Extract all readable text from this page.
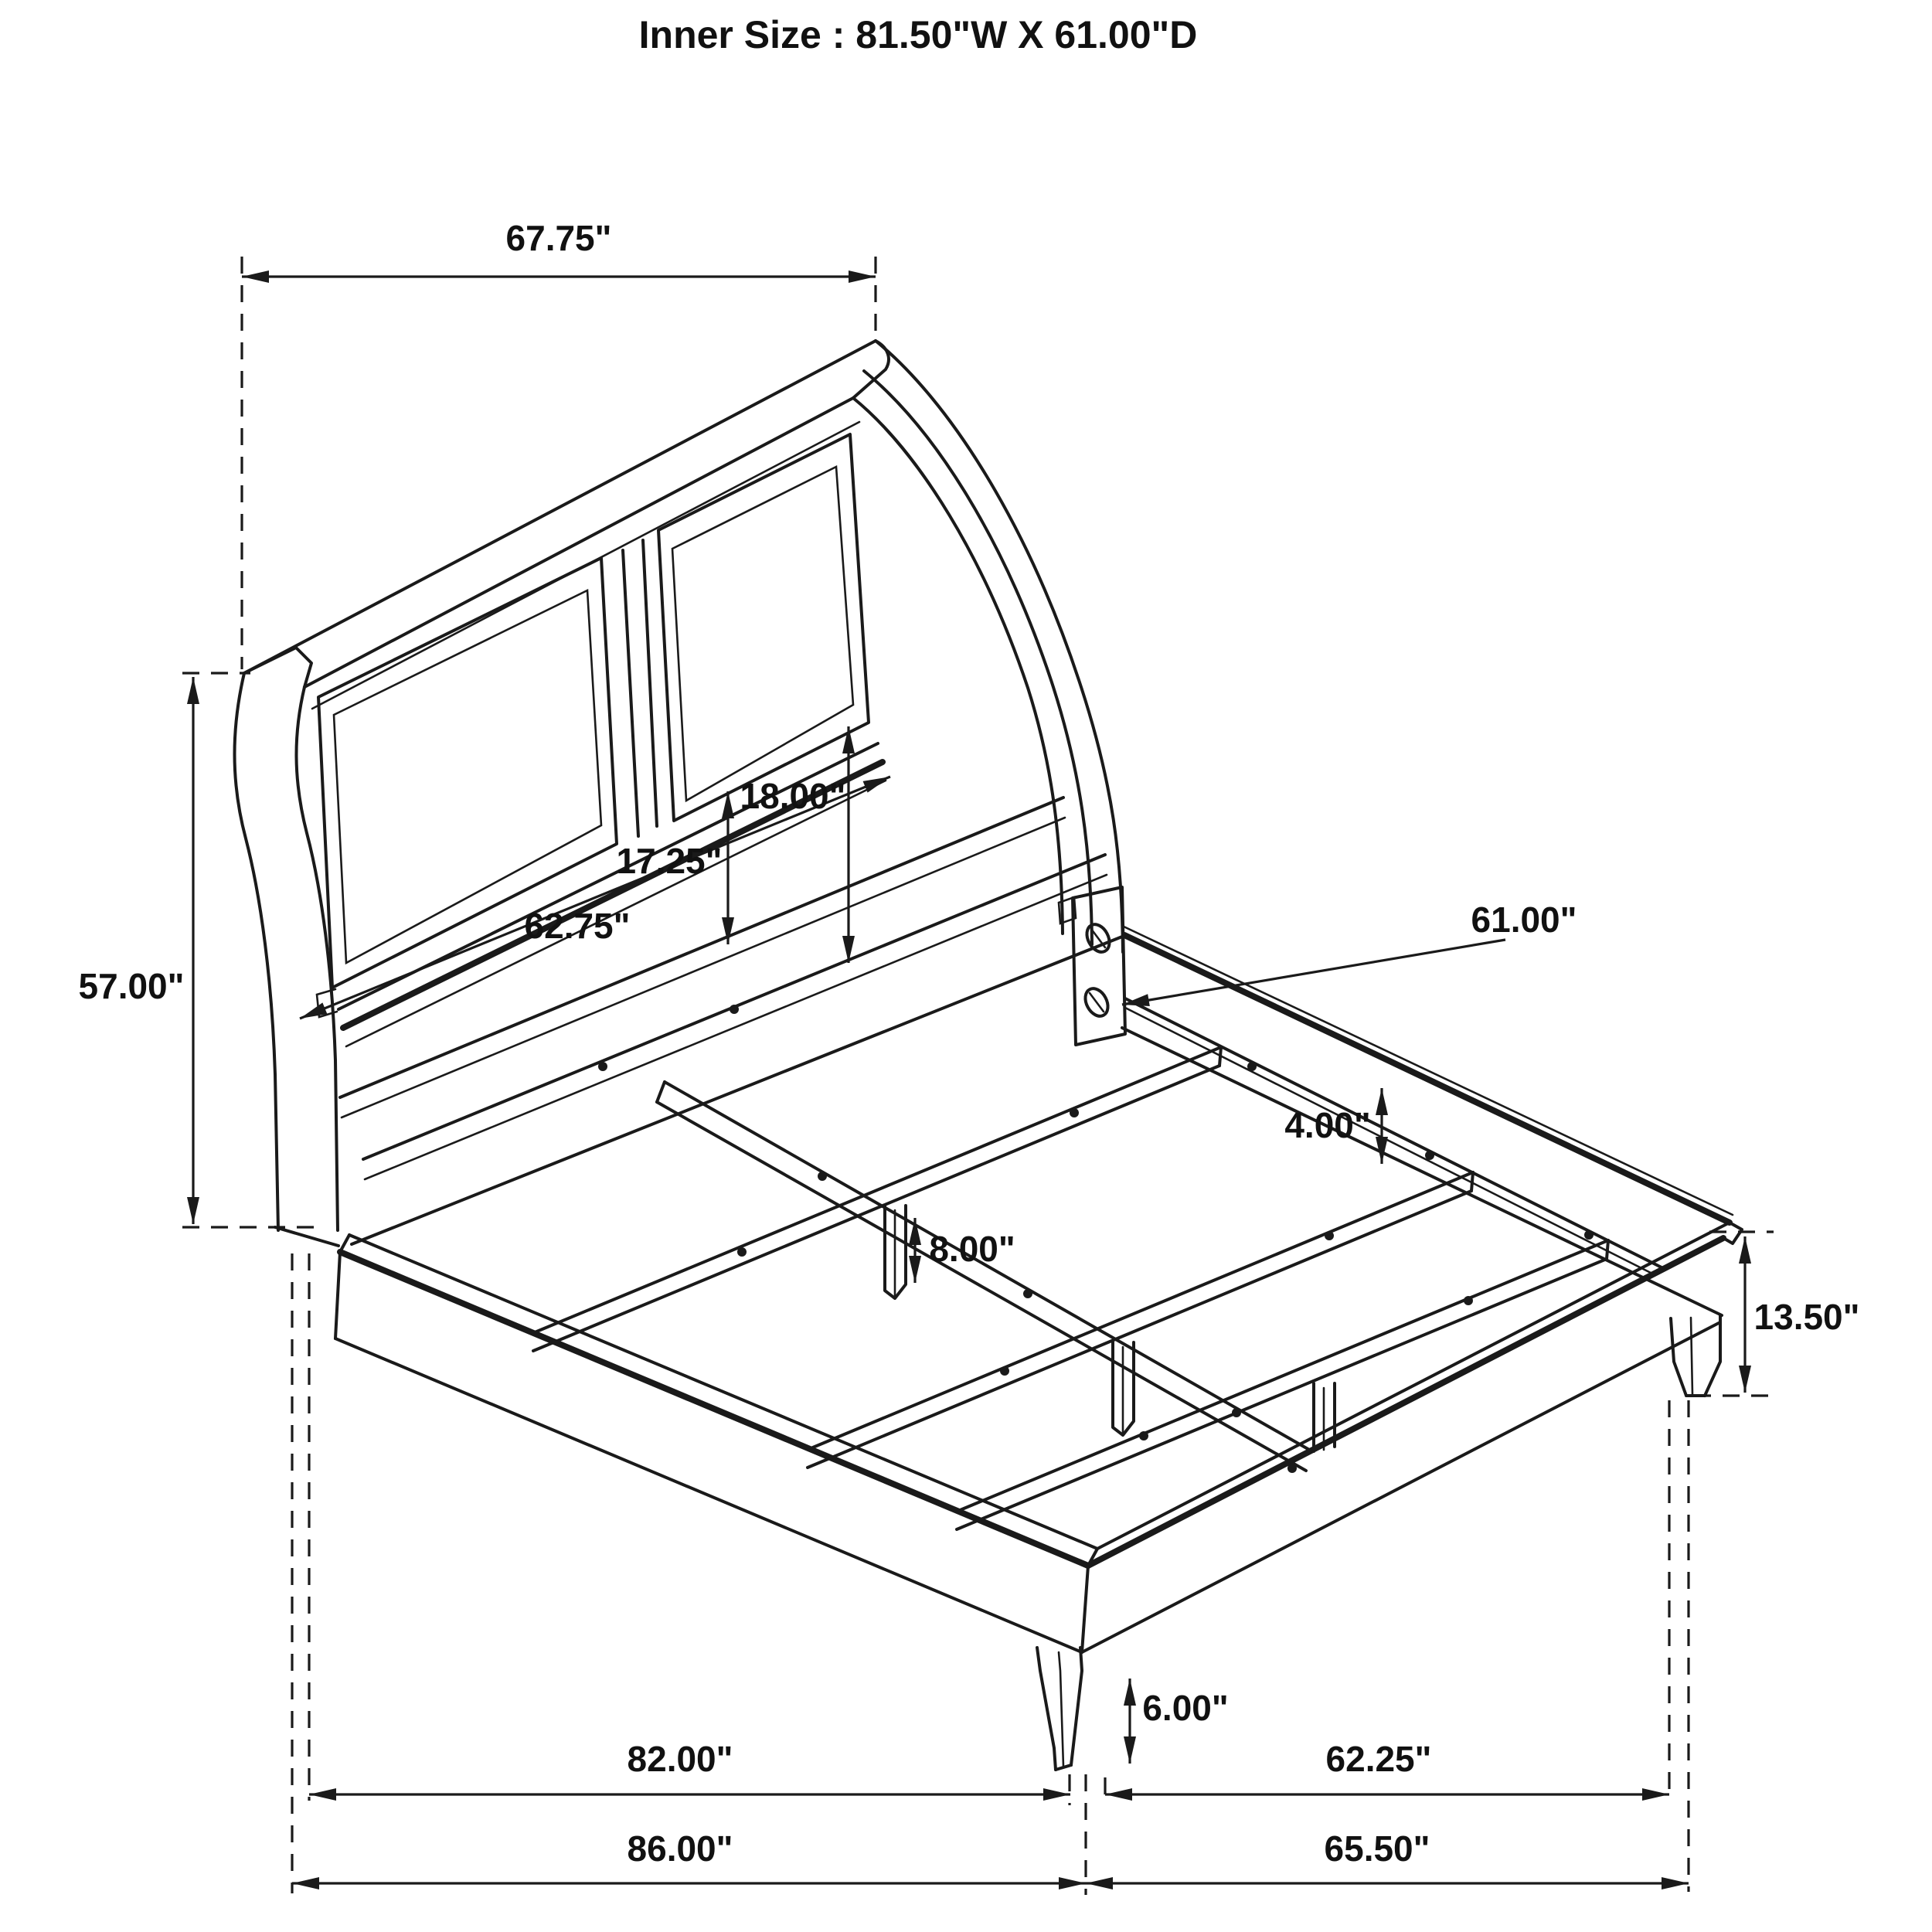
67.75"
57.00"
62.75"
17.25"
18.00"
61.00"
4.00"
8.00"
13.50"
6.00"
82.00"	62.25"
86.00"	65.50"
Inner Size : 81.50"W X 61.00"D
